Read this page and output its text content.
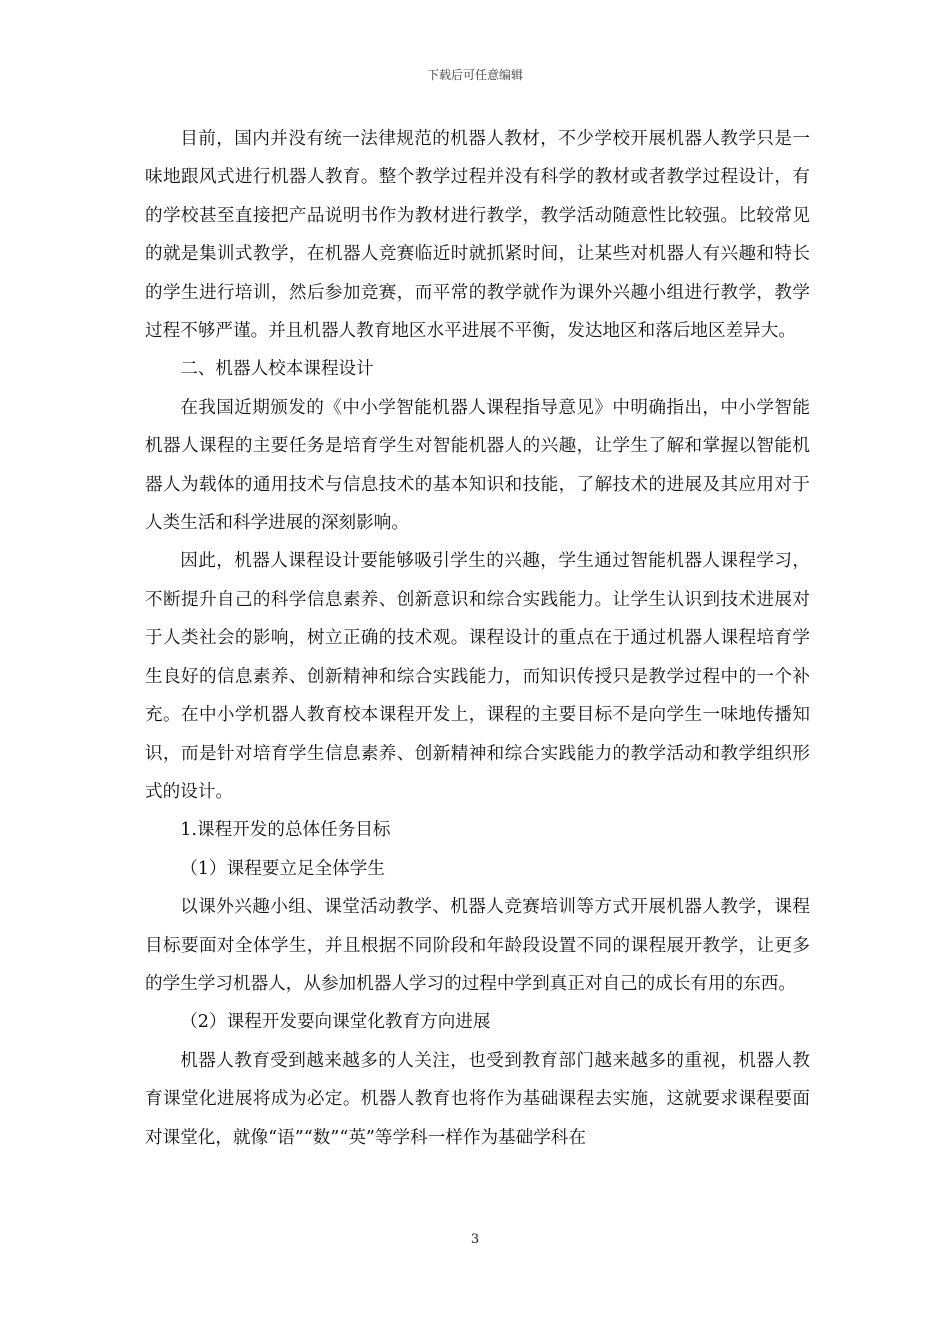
下载后可任意编辑

目前，国内并没有统一法律规范的机器人教材，不少学校开展机器人教学只是一味地跟风式进行机器人教育。整个教学过程并没有科学的教材或者教学过程设计，有的学校甚至直接把产品说明书作为教材进行教学，教学活动随意性比较强。比较常见的就是集训式教学，在机器人竞赛临近时就抓紧时间，让某些对机器人有兴趣和特长的学生进行培训，然后参加竞赛，而平常的教学就作为课外兴趣小组进行教学，教学过程不够严谨。并且机器人教育地区水平进展不平衡，发达地区和落后地区差异大。

二、机器人校本课程设计

在我国近期颁发的《中小学智能机器人课程指导意见》中明确指出，中小学智能机器人课程的主要任务是培育学生对智能机器人的兴趣，让学生了解和掌握以智能机器人为载体的通用技术与信息技术的基本知识和技能，了解技术的进展及其应用对于人类生活和科学进展的深刻影响。

因此，机器人课程设计要能够吸引学生的兴趣，学生通过智能机器人课程学习，不断提升自己的科学信息素养、创新意识和综合实践能力。让学生认识到技术进展对于人类社会的影响，树立正确的技术观。课程设计的重点在于通过机器人课程培育学生良好的信息素养、创新精神和综合实践能力，而知识传授只是教学过程中的一个补充。在中小学机器人教育校本课程开发上，课程的主要目标不是向学生一味地传播知识，而是针对培育学生信息素养、创新精神和综合实践能力的教学活动和教学组织形式的设计。

1.课程开发的总体任务目标

（1）课程要立足全体学生

以课外兴趣小组、课堂活动教学、机器人竞赛培训等方式开展机器人教学，课程目标要面对全体学生，并且根据不同阶段和年龄段设置不同的课程展开教学，让更多的学生学习机器人，从参加机器人学习的过程中学到真正对自己的成长有用的东西。

（2）课程开发要向课堂化教育方向进展

机器人教育受到越来越多的人关注，也受到教育部门越来越多的重视，机器人教育课堂化进展将成为必定。机器人教育也将作为基础课程去实施，这就要求课程要面对课堂化，就像“语”“数”“英”等学科一样作为基础学科在

3
